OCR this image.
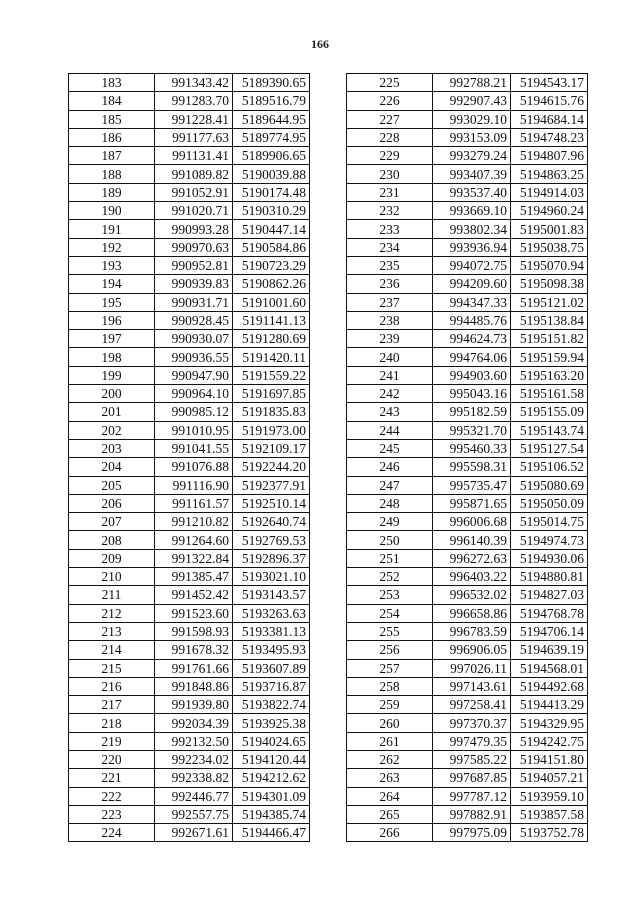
166
183	991343.42	5189390.65
184	991283.70	5189516.79
185	991228.41	5189644.95
186	991177.63	5189774.95
187	991131.41	5189906.65
188	991089.82	5190039.88
189	991052.91	5190174.48
190	991020.71	5190310.29
191	990993.28	5190447.14
192	990970.63	5190584.86
193	990952.81	5190723.29
194	990939.83	5190862.26
195	990931.71	5191001.60
196	990928.45	5191141.13
197	990930.07	5191280.69
198	990936.55	5191420.11
199	990947.90	5191559.22
200	990964.10	5191697.85
201	990985.12	5191835.83
202	991010.95	5191973.00
203	991041.55	5192109.17
204	991076.88	5192244.20
205	991116.90	5192377.91
206	991161.57	5192510.14
207	991210.82	5192640.74
208	991264.60	5192769.53
209	991322.84	5192896.37
210	991385.47	5193021.10
211	991452.42	5193143.57
212	991523.60	5193263.63
213	991598.93	5193381.13
214	991678.32	5193495.93
215	991761.66	5193607.89
216	991848.86	5193716.87
217	991939.80	5193822.74
218	992034.39	5193925.38
219	992132.50	5194024.65
220	992234.02	5194120.44
221	992338.82	5194212.62
222	992446.77	5194301.09
223	992557.75	5194385.74
224	992671.61	5194466.47
225	992788.21	5194543.17
226	992907.43	5194615.76
227	993029.10	5194684.14
228	993153.09	5194748.23
229	993279.24	5194807.96
230	993407.39	5194863.25
231	993537.40	5194914.03
232	993669.10	5194960.24
233	993802.34	5195001.83
234	993936.94	5195038.75
235	994072.75	5195070.94
236	994209.60	5195098.38
237	994347.33	5195121.02
238	994485.76	5195138.84
239	994624.73	5195151.82
240	994764.06	5195159.94
241	994903.60	5195163.20
242	995043.16	5195161.58
243	995182.59	5195155.09
244	995321.70	5195143.74
245	995460.33	5195127.54
246	995598.31	5195106.52
247	995735.47	5195080.69
248	995871.65	5195050.09
249	996006.68	5195014.75
250	996140.39	5194974.73
251	996272.63	5194930.06
252	996403.22	5194880.81
253	996532.02	5194827.03
254	996658.86	5194768.78
255	996783.59	5194706.14
256	996906.05	5194639.19
257	997026.11	5194568.01
258	997143.61	5194492.68
259	997258.41	5194413.29
260	997370.37	5194329.95
261	997479.35	5194242.75
262	997585.22	5194151.80
263	997687.85	5194057.21
264	997787.12	5193959.10
265	997882.91	5193857.58
266	997975.09	5193752.78
